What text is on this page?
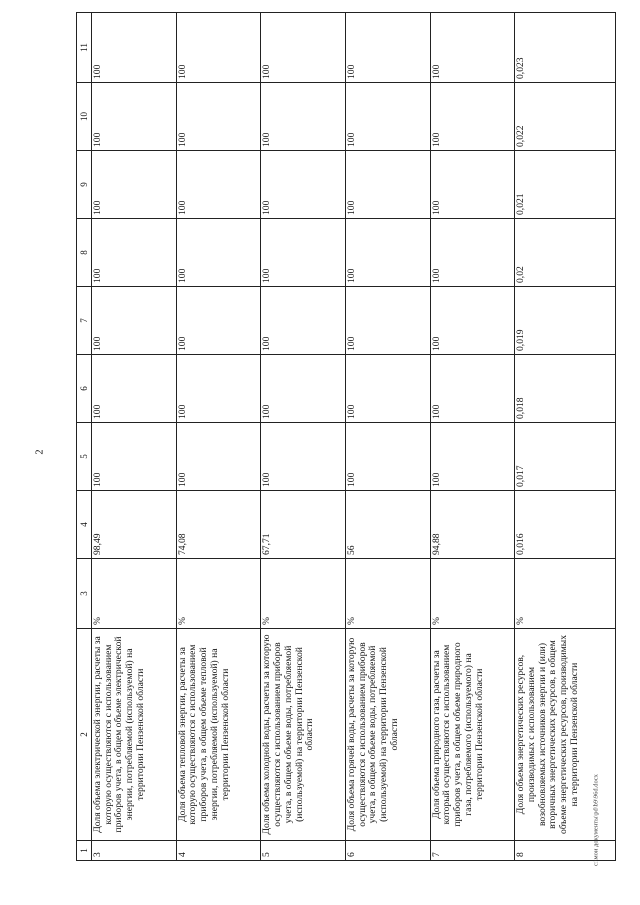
2
1	2	3	4	5	6	7	8	9	10	11
3	Доля объема электрической энергии, расчеты за которую осуществляются с использованием приборов учета, в общем объеме электрической энергии, потребляемой (используемой) на территории Пензенской области	%	98,49	100	100	100	100	100	100	100
4	Доля объема тепловой энергии, расчеты за которую осуществляются с использованием приборов учета, в общем объеме тепловой энергии, потребляемой (используемой) на территории Пензенской области	%	74,08	100	100	100	100	100	100	100
5	Доля объема холодной воды, расчеты за которую осуществляются с использованием приборов учета, в общем объеме воды, потребляемой (используемой) на территории Пензенской области	%	67,71	100	100	100	100	100	100	100
6	Доля объема горячей воды, расчеты за которую осуществляются с использованием приборов учета, в общем объеме воды, потребляемой (используемой) на территории Пензенской области	%	56	100	100	100	100	100	100	100
7	Доля объема природного газа, расчеты за который осуществляются с использованием приборов учета, в общем объеме природного газа, потребляемого (используемого) на территории Пензенской области	%	94,88	100	100	100	100	100	100	100
8	Доля объема энергетических ресурсов, производимых с использованием возобновляемых источников энергии и (или) вторичных энергетических ресурсов, в общем объеме энергетических ресурсов, производимых на территории Пензенской области	%	0,016	0,017	0,018	0,019	0,02	0,021	0,022	0,023
c:\мои документы\pd\b9\96d.docx
